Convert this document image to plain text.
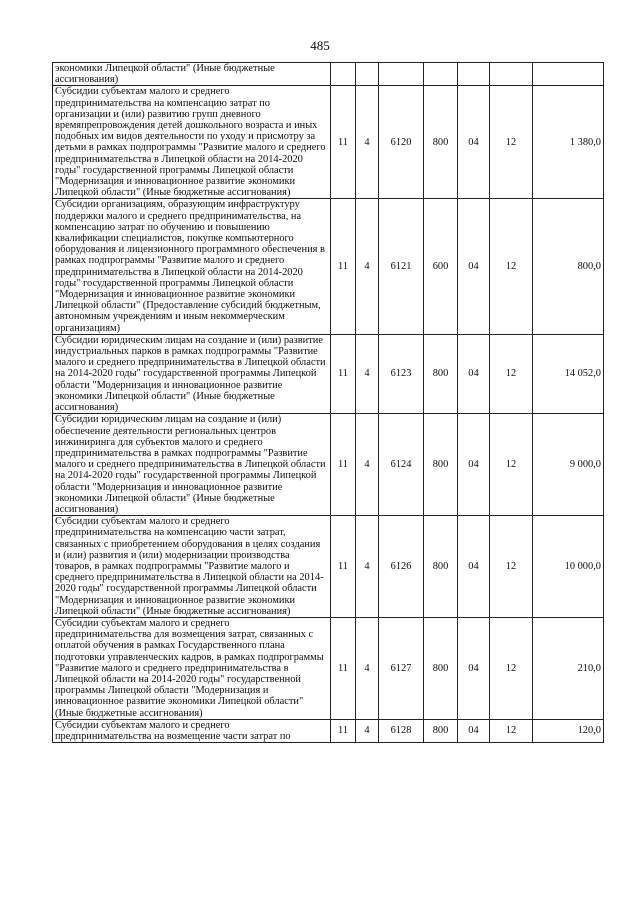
485
экономики Липецкой области" (Иные бюджетные ассигнования)							
Субсидии субъектам малого и среднего предпринимательства на компенсацию затрат по организации и (или) развитию групп дневного времяпрепровождения детей дошкольного возраста и иных подобных им видов деятельности по уходу и присмотру за детьми в рамках подпрограммы "Развитие малого и среднего предпринимательства в Липецкой области на 2014-2020 годы" государственной программы Липецкой области "Модернизация и инновационное развитие экономики Липецкой области" (Иные бюджетные ассигнования)	11	4	6120	800	04	12	1 380,0
Субсидии организациям, образующим инфраструктуру поддержки малого и среднего предпринимательства, на компенсацию затрат по обучению и повышению квалификации специалистов, покупке компьютерного оборудования и лицензионного программного обеспечения в рамках подпрограммы "Развитие малого и среднего предпринимательства в Липецкой области на 2014-2020 годы" государственной программы Липецкой области "Модернизация и инновационное развитие экономики Липецкой области" (Предоставление субсидий бюджетным, автономным учреждениям и иным некоммерческим организациям)	11	4	6121	600	04	12	800,0
Субсидии юридическим лицам на создание и (или) развитие индустриальных парков в рамках подпрограммы "Развитие малого и среднего предпринимательства в Липецкой области на 2014-2020 годы" государственной программы Липецкой области "Модернизация и инновационное развитие экономики Липецкой области" (Иные бюджетные ассигнования)	11	4	6123	800	04	12	14 052,0
Субсидии юридическим лицам на создание и (или) обеспечение деятельности региональных центров инжиниринга для субъектов малого и среднего предпринимательства в рамках подпрограммы "Развитие малого и среднего предпринимательства в Липецкой области на 2014-2020 годы" государственной программы Липецкой области "Модернизация и инновационное развитие экономики Липецкой области" (Иные бюджетные ассигнования)	11	4	6124	800	04	12	9 000,0
Субсидии субъектам малого и среднего предпринимательства на компенсацию части затрат, связанных с приобретением оборудования в целях создания и (или) развития и (или) модернизации производства товаров, в рамках подпрограммы "Развитие малого и среднего предпринимательства в Липецкой области на 2014-2020 годы" государственной программы Липецкой области "Модернизация и инновационное развитие экономики Липецкой области" (Иные бюджетные ассигнования)	11	4	6126	800	04	12	10 000,0
Субсидии субъектам малого и среднего предпринимательства для возмещения затрат, связанных с оплатой обучения в рамках Государственного плана подготовки управленческих кадров, в рамках подпрограммы "Развитие малого и среднего предпринимательства в Липецкой области на 2014-2020 годы" государственной программы Липецкой области "Модернизация и инновационное развитие экономики Липецкой области" (Иные бюджетные ассигнования)	11	4	6127	800	04	12	210,0
Субсидии субъектам малого и среднего предпринимательства на возмещение части затрат по	11	4	6128	800	04	12	120,0
